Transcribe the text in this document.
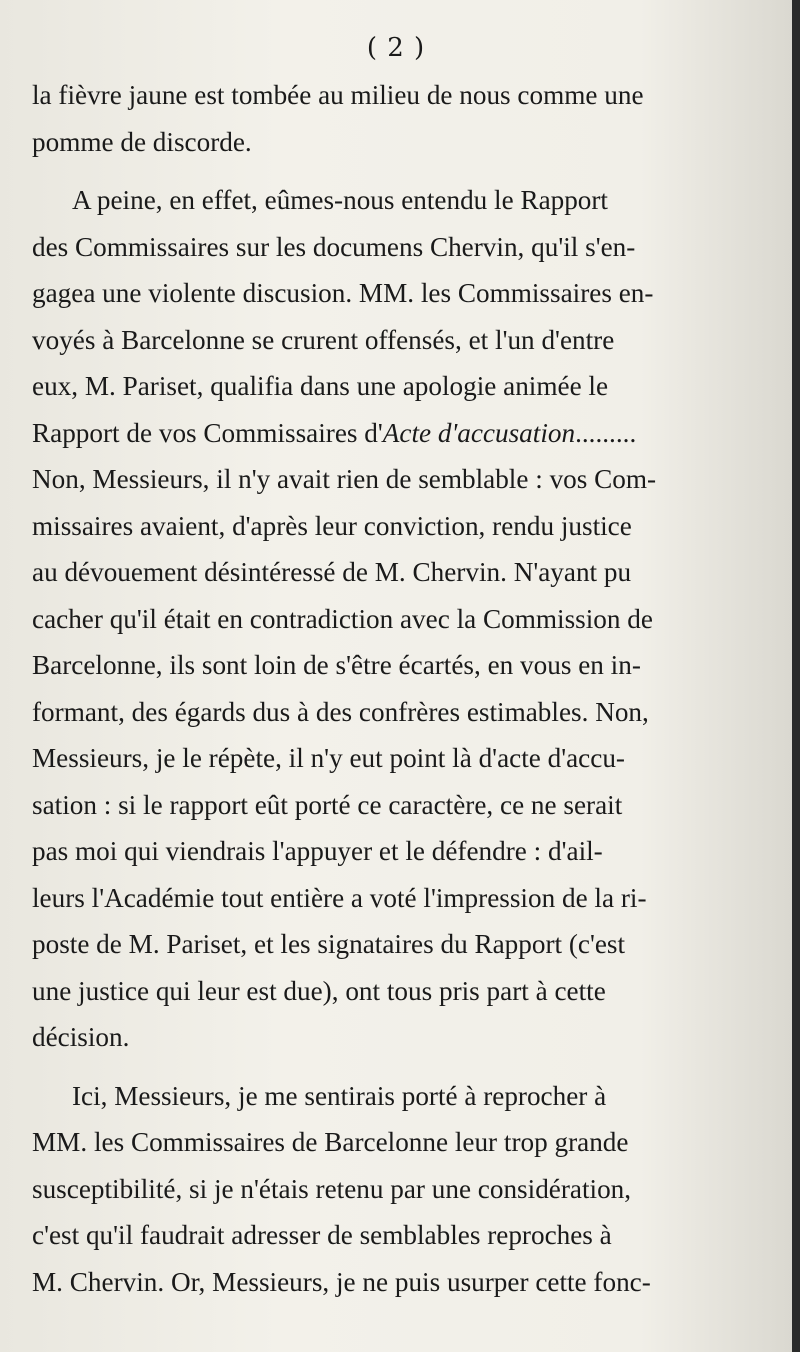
( 2 )
la fièvre jaune est tombée au milieu de nous comme une
pomme de discorde.
A peine, en effet, eûmes-nous entendu le Rapport
des Commissaires sur les documens Chervin, qu'il s'en-
gagea une violente discusion. MM. les Commissaires en-
voyés à Barcelonne se crurent offensés, et l'un d'entre
eux, M. Pariset, qualifia dans une apologie animée le
Rapport de vos Commissaires d'Acte d'accusation.........
Non, Messieurs, il n'y avait rien de semblable : vos Com-
missaires avaient, d'après leur conviction, rendu justice
au dévouement désintéressé de M. Chervin. N'ayant pu
cacher qu'il était en contradiction avec la Commission de
Barcelonne, ils sont loin de s'être écartés, en vous en in-
formant, des égards dus à des confrères estimables. Non,
Messieurs, je le répète, il n'y eut point là d'acte d'accu-
sation : si le rapport eût porté ce caractère, ce ne serait
pas moi qui viendrais l'appuyer et le défendre : d'ail-
leurs l'Académie tout entière a voté l'impression de la ri-
poste de M. Pariset, et les signataires du Rapport (c'est
une justice qui leur est due), ont tous pris part à cette
décision.
Ici, Messieurs, je me sentirais porté à reprocher à
MM. les Commissaires de Barcelonne leur trop grande
susceptibilité, si je n'étais retenu par une considération,
c'est qu'il faudrait adresser de semblables reproches à
M. Chervin. Or, Messieurs, je ne puis usurper cette fonc-
